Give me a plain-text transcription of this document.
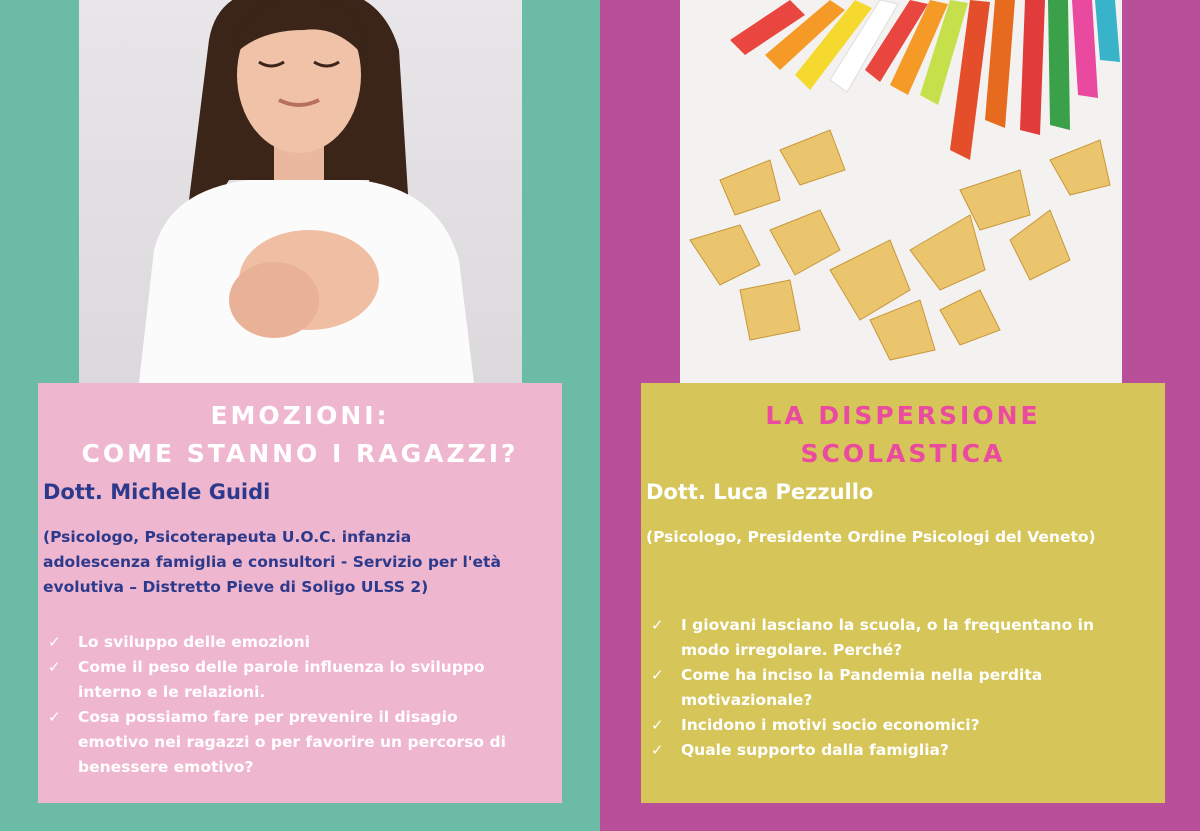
EMOZIONI:
COME STANNO I RAGAZZI?
Dott. Michele Guidi
(Psicologo, Psicoterapeuta U.O.C. infanzia
adolescenza famiglia e consultori - Servizio per l'età
evolutiva – Distretto Pieve di Soligo ULSS 2)
✓ Lo sviluppo delle emozioni
✓ Come il peso delle parole influenza lo sviluppo
interno e le relazioni.
✓ Cosa possiamo fare per prevenire il disagio
emotivo nei ragazzi o per favorire un percorso di
benessere emotivo?
LA DISPERSIONE
SCOLASTICA
Dott. Luca Pezzullo
(Psicologo, Presidente Ordine Psicologi del Veneto)
✓ I giovani lasciano la scuola, o la frequentano in
modo irregolare. Perché?
✓ Come ha inciso la Pandemia nella perdita
motivazionale?
✓ Incidono i motivi socio economici?
✓ Quale supporto dalla famiglia?
